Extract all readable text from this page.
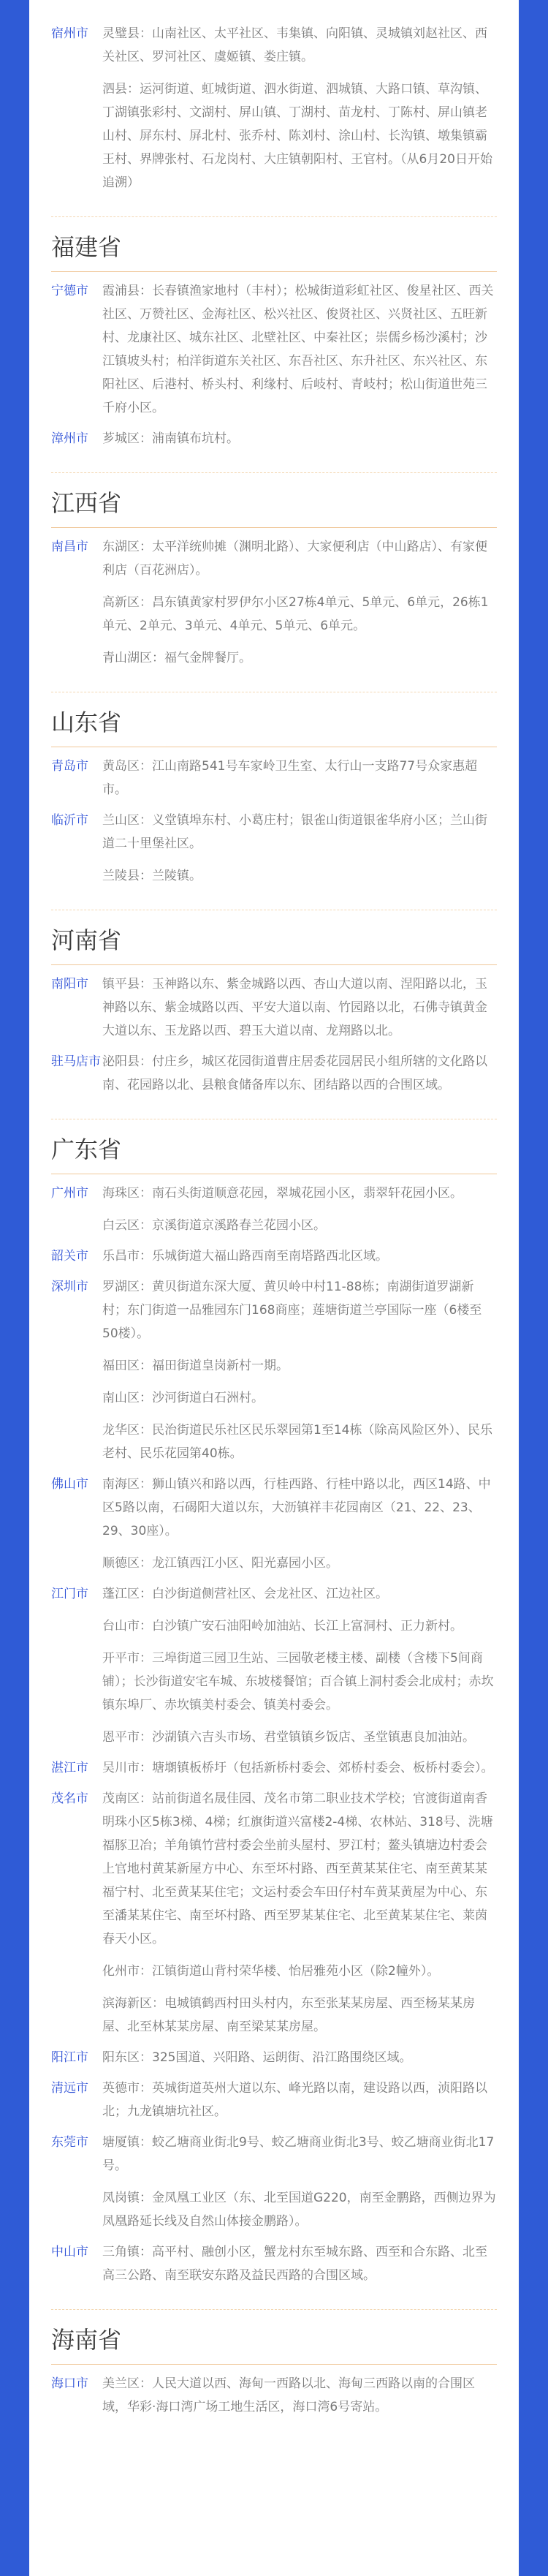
宿州市	灵璧县：山南社区、太平社区、韦集镇、向阳镇、灵城镇刘赵社区、西关社区、罗河社区、虞姬镇、娄庄镇。
泗县：运河街道、虹城街道、泗水街道、泗城镇、大路口镇、草沟镇、丁湖镇张彩村、文湖村、屏山镇、丁湖村、苗龙村、丁陈村、屏山镇老山村、屏东村、屏北村、张乔村、陈刘村、涂山村、长沟镇、墩集镇霸王村、界牌张村、石龙岗村、大庄镇朝阳村、王官村。（从6月20日开始追溯）
福建省
宁德市	霞浦县：长春镇渔家地村（丰村）；松城街道彩虹社区、俊星社区、西关社区、万赞社区、金海社区、松兴社区、俊贤社区、兴贤社区、五旺新村、龙康社区、城东社区、北壁社区、中秦社区；崇儒乡杨沙溪村；沙江镇坡头村；柏洋街道东关社区、东吾社区、东升社区、东兴社区、东阳社区、后港村、桥头村、利缘村、后岐村、青岐村；松山街道世苑三千府小区。
漳州市	芗城区：浦南镇布坑村。
江西省
南昌市	东湖区：太平洋统帅摊（渊明北路）、大家便利店（中山路店）、有家便利店（百花洲店）。
高新区：昌东镇黄家村罗伊尔小区27栋4单元、5单元、6单元，26栋1单元、2单元、3单元、4单元、5单元、6单元。
青山湖区：福气金牌餐厅。
山东省
青岛市	黄岛区：江山南路541号车家岭卫生室、太行山一支路77号众家惠超市。
临沂市	兰山区：义堂镇埠东村、小葛庄村；银雀山街道银雀华府小区；兰山街道二十里堡社区。
兰陵县：兰陵镇。
河南省
南阳市	镇平县：玉神路以东、紫金城路以西、杏山大道以南、涅阳路以北，玉神路以东、紫金城路以西、平安大道以南、竹园路以北，石佛寺镇黄金大道以东、玉龙路以西、碧玉大道以南、龙翔路以北。
驻马店市 泌阳县：付庄乡，城区花园街道曹庄居委花园居民小组所辖的文化路以南、花园路以北、县粮食储备库以东、团结路以西的合围区域。
广东省
广州市	海珠区：南石头街道顺意花园，翠城花园小区，翡翠轩花园小区。
白云区：京溪街道京溪路春兰花园小区。
韶关市	乐昌市：乐城街道大福山路西南至南塔路西北区域。
深圳市	罗湖区：黄贝街道东深大厦、黄贝岭中村11-88栋；南湖街道罗湖新村；东门街道一品雅园东门168商座；莲塘街道兰亭国际一座（6楼至50楼）。
福田区：福田街道皇岗新村一期。
南山区：沙河街道白石洲村。
龙华区：民治街道民乐社区民乐翠园第1至14栋（除高风险区外）、民乐老村、民乐花园第40栋。
佛山市	南海区：狮山镇兴和路以西，行桂西路、行桂中路以北，西区14路、中区5路以南，石碣阳大道以东，大沥镇祥丰花园南区（21、22、23、29、30座）。
顺德区：龙江镇西江小区、阳光嘉园小区。
江门市	蓬江区：白沙街道侧营社区、会龙社区、江边社区。
台山市：白沙镇广安石油阳岭加油站、长江上富洞村、正力新村。
开平市：三埠街道三园卫生站、三园敬老楼主楼、副楼（含楼下5间商铺）；长沙街道安宅车城、东坡楼餐馆；百合镇上洞村委会北成村；赤坎镇东埠厂、赤坎镇美村委会、镇美村委会。
恩平市：沙湖镇六吉头市场、君堂镇镇乡饭店、圣堂镇惠良加油站。
湛江市	吴川市：塘㙟镇板桥圩（包括新桥村委会、郊桥村委会、板桥村委会）。
茂名市	茂南区：站前街道名晟佳园、茂名市第二职业技术学校；官渡街道南香明珠小区5栋3梯、4梯；红旗街道兴富楼2-4梯、农林站、318号、洗塘福豚卫冶；羊角镇竹营村委会坐前头屋村、罗江村；鳌头镇塘边村委会上官地村黄某新屋方中心、东至坏村路、西至黄某某住宅、南至黄某某福宁村、北至黄某某住宅；文运村委会车田仔村车黄某黄屋为中心、东至潘某某住宅、南至坏村路、西至罗某某住宅、北至黄某某住宅、莱茵春天小区。
化州市：江镇街道山背村荣华楼、怡居雅苑小区（除2幢外）。
滨海新区：电城镇鹤西村田头村内，东至张某某房屋、西至杨某某房屋、北至林某某房屋、南至梁某某房屋。
阳江市	阳东区：325国道、兴阳路、运朗街、沿江路围绕区域。
清远市	英德市：英城街道英州大道以东、峰光路以南，建设路以西，浈阳路以北；九龙镇塘坑社区。
东莞市	塘厦镇：蛟乙塘商业街北9号、蛟乙塘商业街北3号、蛟乙塘商业街北17号。
凤岗镇：金凤凰工业区（东、北至国道G220，南至金鹏路，西侧边界为凤凰路延长线及自然山体接金鹏路）。
中山市	三角镇：高平村、融创小区，蟹龙村东至城东路、西至和合东路、北至高三公路、南至联安东路及益民西路的合围区域。
海南省
海口市	美兰区：人民大道以西、海甸一西路以北、海甸三西路以南的合围区域，华彩·海口湾广场工地生活区，海口湾6号寄站。
